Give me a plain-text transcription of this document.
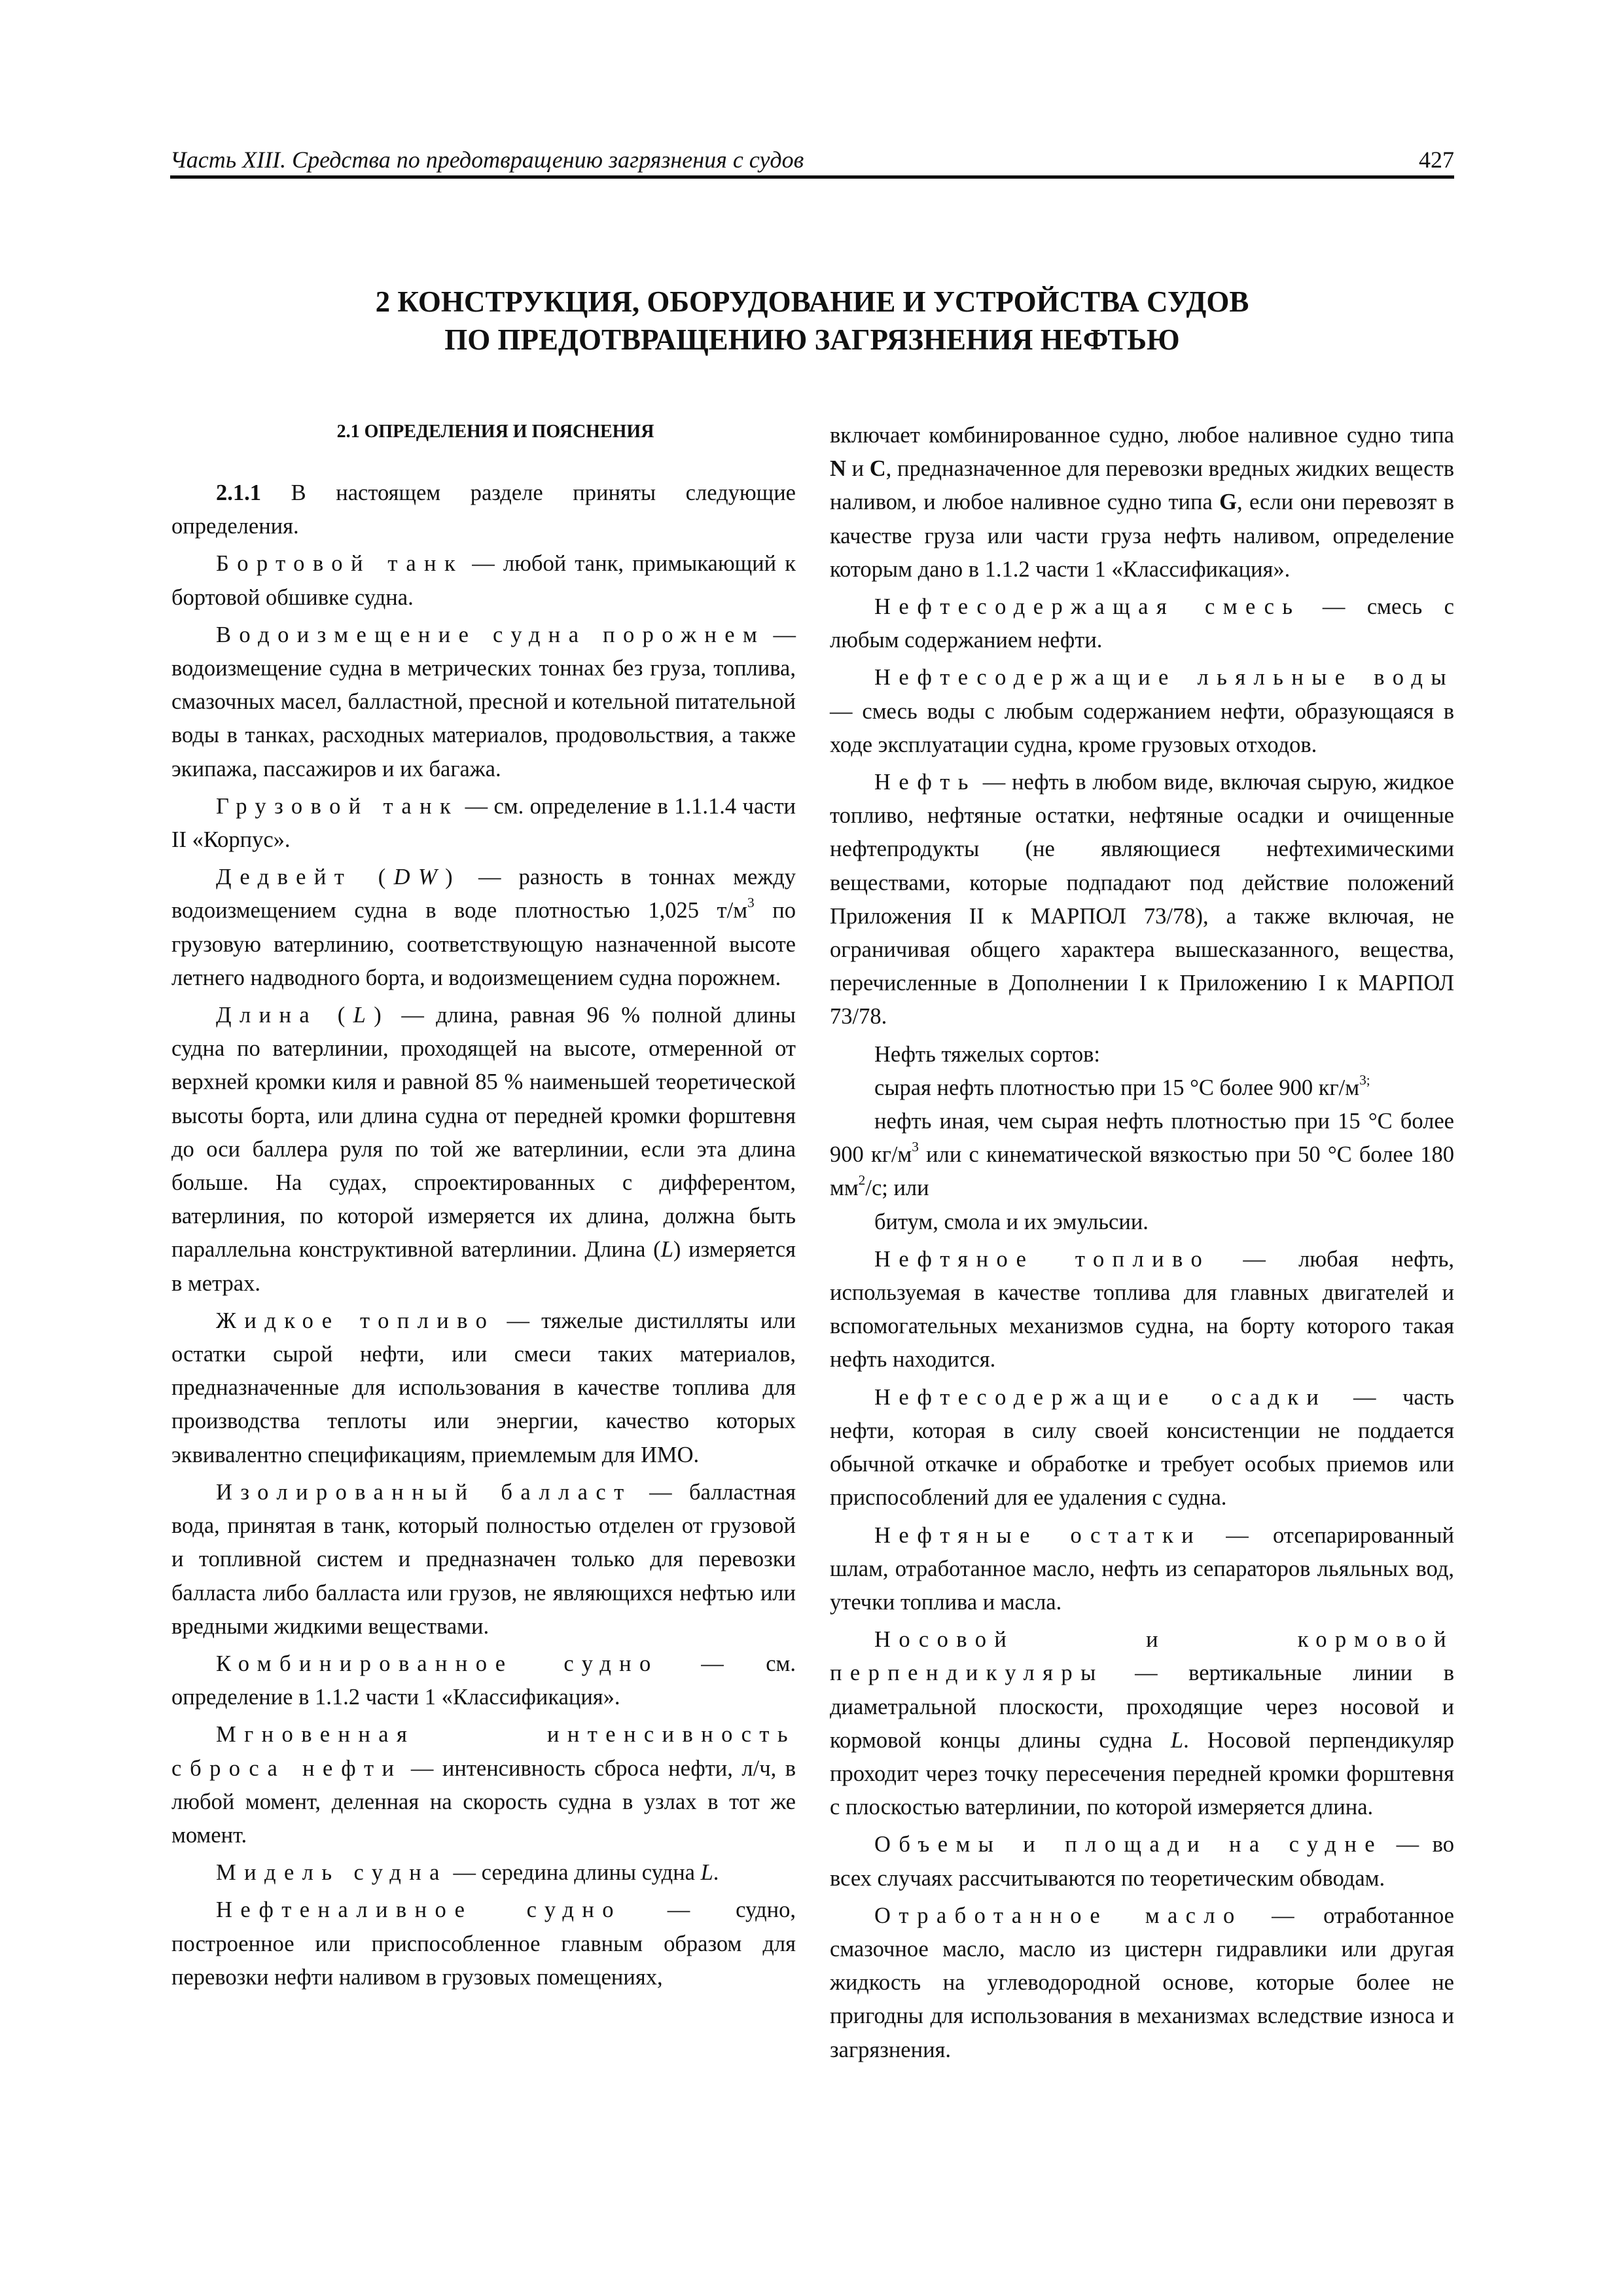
Часть XIII. Средства по предотвращению загрязнения с судов	427
2 КОНСТРУКЦИЯ, ОБОРУДОВАНИЕ И УСТРОЙСТВА СУДОВ
ПО ПРЕДОТВРАЩЕНИЮ ЗАГРЯЗНЕНИЯ НЕФТЬЮ
2.1 ОПРЕДЕЛЕНИЯ И ПОЯСНЕНИЯ

2.1.1 В настоящем разделе приняты следующие определения.

Бортовой танк — любой танк, примыкающий к бортовой обшивке судна.

Водоизмещение судна порожнем — водоизмещение судна в метрических тоннах без груза, топлива, смазочных масел, балластной, пресной и котельной питательной воды в танках, расходных материалов, продовольствия, а также экипажа, пассажиров и их багажа.

Грузовой танк — см. определение в 1.1.1.4 части II «Корпус».

Дедвейт (DW) — разность в тоннах между водоизмещением судна в воде плотностью 1,025 $т/м^3$ по грузовую ватерлинию, соответствующую назначенной высоте летнего надводного борта, и водоизмещением судна порожнем.

Длина (L) — длина, равная 96 % полной длины судна по ватерлинии, проходящей на высоте, отмеренной от верхней кромки киля и равной 85 % наименьшей теоретической высоты борта, или длина судна от передней кромки форштевня до оси баллера руля по той же ватерлинии, если эта длина больше. На судах, спроектированных с дифферентом, ватерлиния, по которой измеряется их длина, должна быть параллельна конструктивной ватерлинии. Длина (L) измеряется в метрах.

Жидкое топливо — тяжелые дистилляты или остатки сырой нефти, или смеси таких материалов, предназначенные для использования в качестве топлива для производства теплоты или энергии, качество которых эквивалентно спецификациям, приемлемым для ИМО.

Изолированный балласт — балластная вода, принятая в танк, который полностью отделен от грузовой и топливной систем и предназначен только для перевозки балласта либо балласта или грузов, не являющихся нефтью или вредными жидкими веществами.

Комбинированное судно — см. определение в 1.1.2 части 1 «Классификация».

Мгновенная интенсивность сброса нефти — интенсивность сброса нефти, л/ч, в любой момент, деленная на скорость судна в узлах в тот же момент.

Мидель судна — середина длины судна L.

Нефтеналивное судно — судно, построенное или приспособленное главным образом для перевозки нефти наливом в грузовых помещениях,

включает комбинированное судно, любое наливное судно типа N и C, предназначенное для перевозки вредных жидких веществ наливом, и любое наливное судно типа G, если они перевозят в качестве груза или части груза нефть наливом, определение которым дано в 1.1.2 части 1 «Классификация».

Нефтесодержащая смесь — смесь с любым содержанием нефти.

Нефтесодержащие льяльные воды — смесь воды с любым содержанием нефти, образующаяся в ходе эксплуатации судна, кроме грузовых отходов.

Нефть — нефть в любом виде, включая сырую, жидкое топливо, нефтяные остатки, нефтяные осадки и очищенные нефтепродукты (не являющиеся нефтехимическими веществами, которые подпадают под действие положений Приложения II к МАРПОЛ 73/78), а также включая, не ограничивая общего характера вышесказанного, вещества, перечисленные в Дополнении I к Приложению I к МАРПОЛ 73/78.

Нефть тяжелых сортов:

сырая нефть плотностью при 15 °С более 900 $кг/м^{3;}$

нефть иная, чем сырая нефть плотностью при 15 °С более 900 $кг/м^3$ или с кинематической вязкостью при 50 °С более 180 $мм^2/с$; или

битум, смола и их эмульсии.

Нефтяное топливо — любая нефть, используемая в качестве топлива для главных двигателей и вспомогательных механизмов судна, на борту которого такая нефть находится.

Нефтесодержащие осадки — часть нефти, которая в силу своей консистенции не поддается обычной откачке и обработке и требует особых приемов или приспособлений для ее удаления с судна.

Нефтяные остатки — отсепарированный шлам, отработанное масло, нефть из сепараторов льяльных вод, утечки топлива и масла.

Носовой и кормовой перпендикуляры — вертикальные линии в диаметральной плоскости, проходящие через носовой и кормовой концы длины судна L. Носовой перпендикуляр проходит через точку пересечения передней кромки форштевня с плоскостью ватерлинии, по которой измеряется длина.

Объемы и площади на судне — во всех случаях рассчитываются по теоретическим обводам.

Отработанное масло — отработанное смазочное масло, масло из цистерн гидравлики или другая жидкость на углеводородной основе, которые более не пригодны для использования в механизмах вследствие износа и загрязнения.
